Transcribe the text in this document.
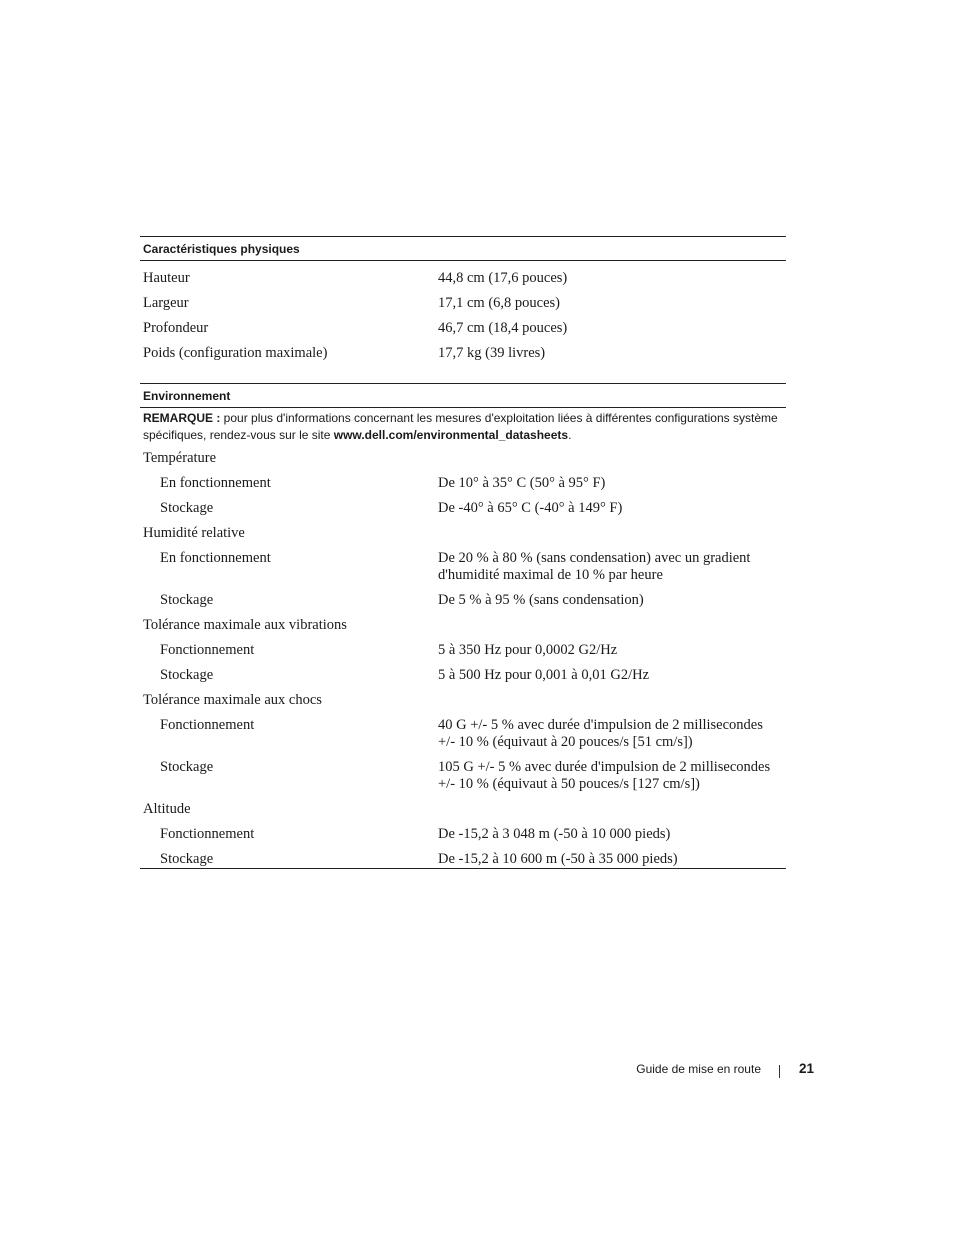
Caractéristiques physiques
Hauteur	44,8 cm (17,6 pouces)
Largeur	17,1 cm (6,8 pouces)
Profondeur	46,7 cm (18,4 pouces)
Poids (configuration maximale)	17,7 kg (39 livres)
Environnement
REMARQUE : pour plus d'informations concernant les mesures d'exploitation liées à différentes configurations système spécifiques, rendez-vous sur le site www.dell.com/environmental_datasheets.
Température
En fonctionnement	De 10° à 35° C (50° à 95° F)
Stockage	De -40° à 65° C (-40° à 149° F)
Humidité relative
En fonctionnement	De 20 % à 80 % (sans condensation) avec un gradient d'humidité maximal de 10 % par heure
Stockage	De 5 % à 95 % (sans condensation)
Tolérance maximale aux vibrations
Fonctionnement	5 à 350 Hz pour 0,0002 G2/Hz
Stockage	5 à 500 Hz pour 0,001 à 0,01 G2/Hz
Tolérance maximale aux chocs
Fonctionnement	40 G +/- 5 % avec durée d'impulsion de 2 millisecondes +/- 10 % (équivaut à 20 pouces/s [51 cm/s])
Stockage	105 G +/- 5 % avec durée d'impulsion de 2 millisecondes +/- 10 % (équivaut à 50 pouces/s [127 cm/s])
Altitude
Fonctionnement	De -15,2 à 3 048 m (-50 à 10 000 pieds)
Stockage	De -15,2 à 10 600 m (-50 à 35 000 pieds)
Guide de mise en route	21
